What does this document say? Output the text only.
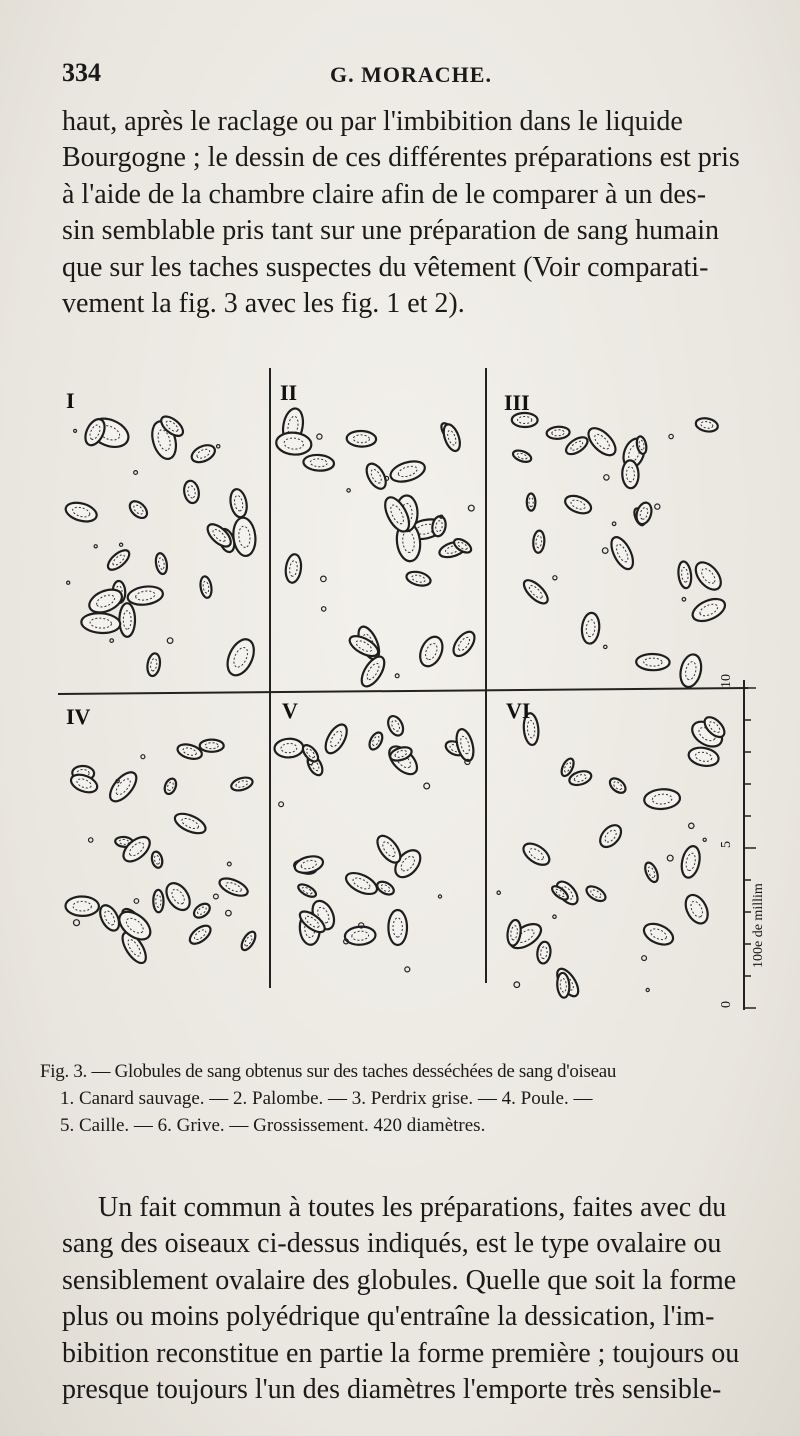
334	G. MORACHE.

haut, après le raclage ou par l'imbibition dans le liquide

Bourgogne ; le dessin de ces différentes préparations est pris

à l'aide de la chambre claire afin de le comparer à un des-

sin semblable pris tant sur une préparation de sang humain

que sur les taches suspectes du vêtement (Voir comparati-

vement la fig. 3 avec les fig. 1 et 2).

I	II	III
IV	V	VI
0
5
10
100e de millim

Fig. 3. — Globules de sang obtenus sur des taches desséchées de sang d'oiseau

1. Canard sauvage. — 2. Palombe. — 3. Perdrix grise. — 4. Poule. —

5. Caille. — 6. Grive. — Grossissement. 420 diamètres.

Un fait commun à toutes les préparations, faites avec du

sang des oiseaux ci-dessus indiqués, est le type ovalaire ou

sensiblement ovalaire des globules. Quelle que soit la forme

plus ou moins polyédrique qu'entraîne la dessication, l'im-

bibition reconstitue en partie la forme première ; toujours ou

presque toujours l'un des diamètres l'emporte très sensible-
